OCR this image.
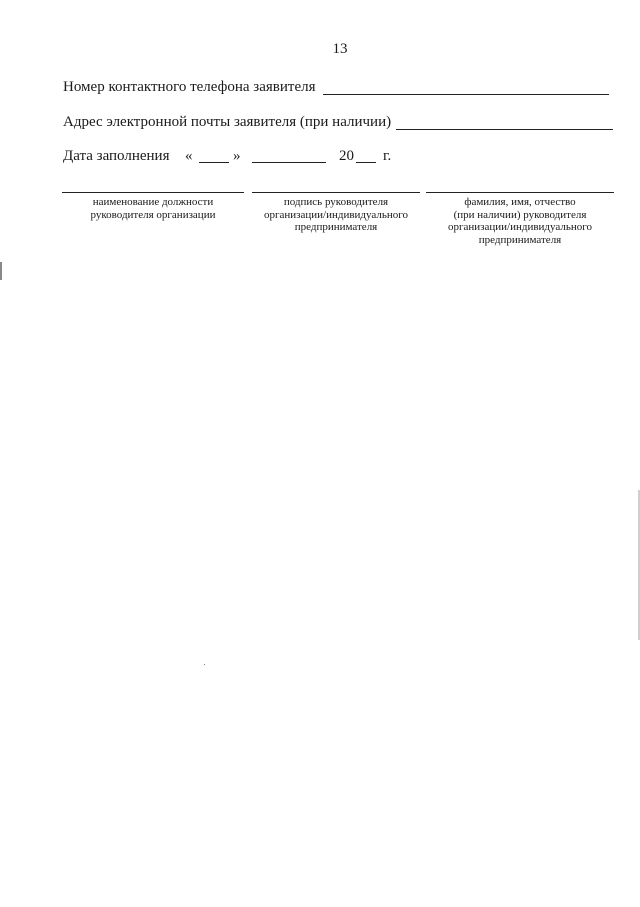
13
Номер контактного телефона заявителя
Адрес электронной почты заявителя (при наличии)
Дата заполнения «	»	20 г.
наименование должности
руководителя организации
подпись руководителя
организации/индивидуального
предпринимателя
фамилия, имя, отчество
(при наличии) руководителя
организации/индивидуального
предпринимателя
